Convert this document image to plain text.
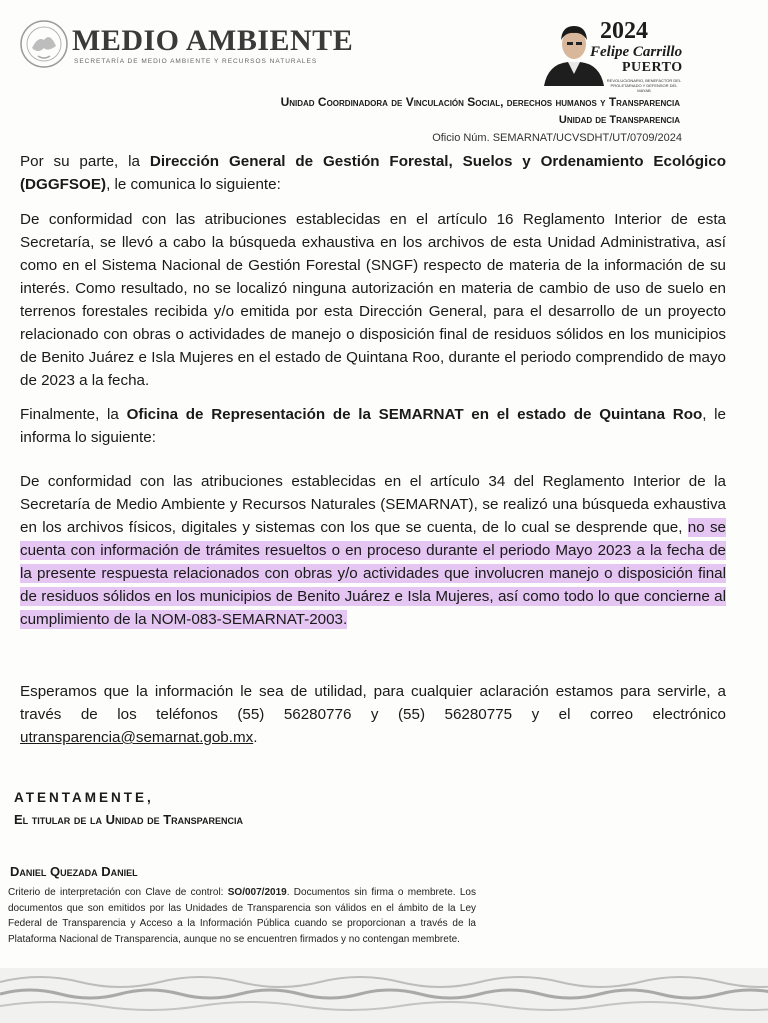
MEDIO AMBIENTE
SECRETARÍA DE MEDIO AMBIENTE Y RECURSOS NATURALES
2024
Felipe Carrillo
PUERTO
REVOLUCIONARIO, BENEFACTOR DEL PROLETARIADO Y DEFENSOR DEL MAYAB
Unidad Coordinadora de Vinculación Social, derechos humanos y Transparencia
Unidad de Transparencia
Oficio Núm. SEMARNAT/UCVSDHT/UT/0709/2024
Por su parte, la Dirección General de Gestión Forestal, Suelos y Ordenamiento Ecológico (DGGFSOE), le comunica lo siguiente:
De conformidad con las atribuciones establecidas en el artículo 16 Reglamento Interior de esta Secretaría, se llevó a cabo la búsqueda exhaustiva en los archivos de esta Unidad Administrativa, así como en el Sistema Nacional de Gestión Forestal (SNGF) respecto de materia de la información de su interés. Como resultado, no se localizó ninguna autorización en materia de cambio de uso de suelo en terrenos forestales recibida y/o emitida por esta Dirección General, para el desarrollo de un proyecto relacionado con obras o actividades de manejo o disposición final de residuos sólidos en los municipios de Benito Juárez e Isla Mujeres en el estado de Quintana Roo, durante el periodo comprendido de mayo de 2023 a la fecha.
Finalmente, la Oficina de Representación de la SEMARNAT en el estado de Quintana Roo, le informa lo siguiente:
De conformidad con las atribuciones establecidas en el artículo 34 del Reglamento Interior de la Secretaría de Medio Ambiente y Recursos Naturales (SEMARNAT), se realizó una búsqueda exhaustiva en los archivos físicos, digitales y sistemas con los que se cuenta, de lo cual se desprende que, no se cuenta con información de trámites resueltos o en proceso durante el periodo Mayo 2023 a la fecha de la presente respuesta relacionados con obras y/o actividades que involucren manejo o disposición final de residuos sólidos en los municipios de Benito Juárez e Isla Mujeres, así como todo lo que concierne al cumplimiento de la NOM-083-SEMARNAT-2003.
Esperamos que la información le sea de utilidad, para cualquier aclaración estamos para servirle, a través de los teléfonos (55) 56280776 y (55) 56280775 y el correo electrónico utransparencia@semarnat.gob.mx.
ATENTAMENTE,
El titular de la Unidad de Transparencia
Daniel Quezada Daniel
Criterio de interpretación con Clave de control: SO/007/2019. Documentos sin firma o membrete. Los documentos que son emitidos por las Unidades de Transparencia son válidos en el ámbito de la Ley Federal de Transparencia y Acceso a la Información Pública cuando se proporcionan a través de la Plataforma Nacional de Transparencia, aunque no se encuentren firmados y no contengan membrete.
